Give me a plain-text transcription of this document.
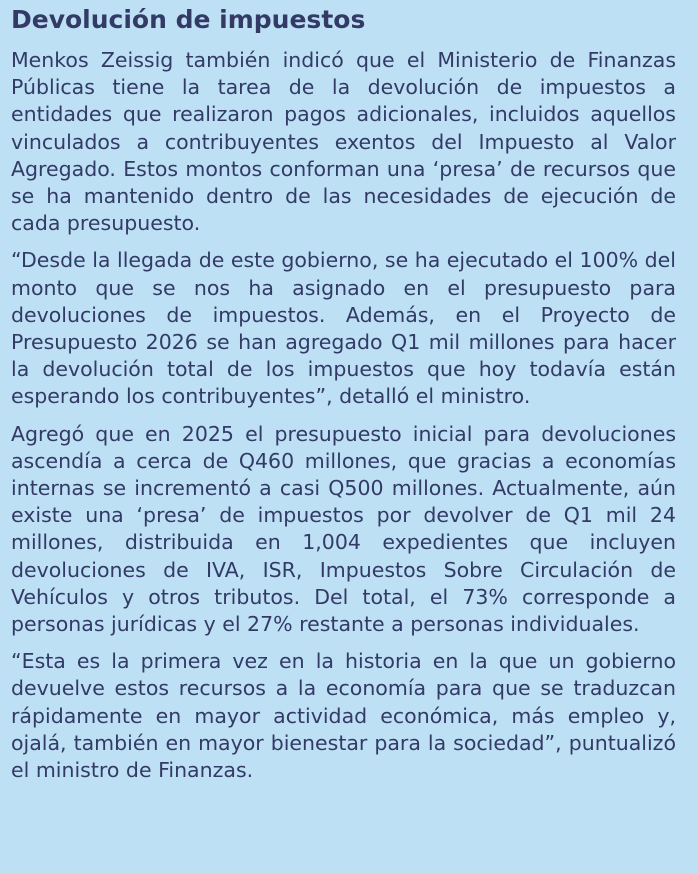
Devolución de impuestos

Menkos Zeissig también indicó que el Ministerio de Finanzas Públicas tiene la tarea de la devolución de impuestos a entidades que realizaron pagos adicionales, incluidos aquellos vinculados a contribuyentes exentos del Impuesto al Valor Agregado. Estos montos conforman una ‘presa’ de recursos que se ha mantenido dentro de las necesidades de ejecución de cada presupuesto.

“Desde la llegada de este gobierno, se ha ejecutado el 100% del monto que se nos ha asignado en el presupuesto para devoluciones de impuestos. Además, en el Proyecto de Presupuesto 2026 se han agregado Q1 mil millones para hacer la devolución total de los impuestos que hoy todavía están esperando los contribuyentes”, detalló el ministro.

Agregó que en 2025 el presupuesto inicial para devoluciones ascendía a cerca de Q460 millones, que gracias a economías internas se incrementó a casi Q500 millones. Actualmente, aún existe una ‘presa’ de impuestos por devolver de Q1 mil 24 millones, distribuida en 1,004 expedientes que incluyen devoluciones de IVA, ISR, Impuestos Sobre Circulación de Vehículos y otros tributos. Del total, el 73% corresponde a personas jurídicas y el 27% restante a personas individuales.

“Esta es la primera vez en la historia en la que un gobierno devuelve estos recursos a la economía para que se traduzcan rápidamente en mayor actividad económica, más empleo y, ojalá, también en mayor bienestar para la sociedad”, puntualizó el ministro de Finanzas.
